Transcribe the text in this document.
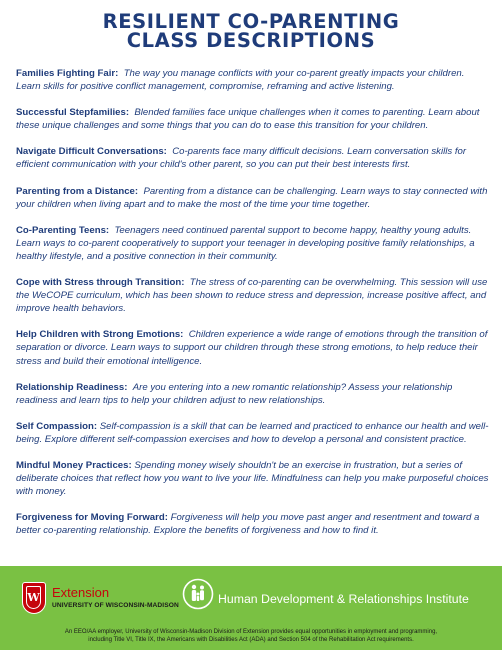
RESILIENT CO-PARENTING
CLASS DESCRIPTIONS

Families Fighting Fair: The way you manage conflicts with your co-parent greatly impacts your children. Learn skills for positive conflict management, compromise, reframing and active listening.

Successful Stepfamilies: Blended families face unique challenges when it comes to parenting. Learn about these unique challenges and some things that you can do to ease this transition for your children.

Navigate Difficult Conversations: Co-parents face many difficult decisions. Learn conversation skills for efficient communication with your child's other parent, so you can put their best interests first.

Parenting from a Distance: Parenting from a distance can be challenging. Learn ways to stay connected with your children when living apart and to make the most of the time your time together.

Co-Parenting Teens: Teenagers need continued parental support to become happy, healthy young adults. Learn ways to co-parent cooperatively to support your teenager in developing positive family relationships, a healthy lifestyle, and a positive connection in their community.

Cope with Stress through Transition: The stress of co-parenting can be overwhelming. This session will use the WeCOPE curriculum, which has been shown to reduce stress and depression, increase positive affect, and improve health behaviors.

Help Children with Strong Emotions: Children experience a wide range of emotions through the transition of separation or divorce. Learn ways to support our children through these strong emotions, to help reduce their stress and build their emotional intelligence.

Relationship Readiness: Are you entering into a new romantic relationship? Assess your relationship readiness and learn tips to help your children adjust to new relationships.

Self Compassion: Self-compassion is a skill that can be learned and practiced to enhance our health and well-being. Explore different self-compassion exercises and how to develop a personal and consistent practice.

Mindful Money Practices: Spending money wisely shouldn't be an exercise in frustration, but a series of deliberate choices that reflect how you want to live your life. Mindfulness can help you make purposeful choices with money.

Forgiveness for Moving Forward: Forgiveness will help you move past anger and resentment and toward a better co-parenting relationship. Explore the benefits of forgiveness and how to find it.

W Extension
UNIVERSITY OF WISCONSIN-MADISON	Human Development & Relationships Institute
An EEO/AA employer, University of Wisconsin-Madison Division of Extension provides equal opportunities in employment and programming,
including Title VI, Title IX, the Americans with Disabilities Act (ADA) and Section 504 of the Rehabilitation Act requirements.
